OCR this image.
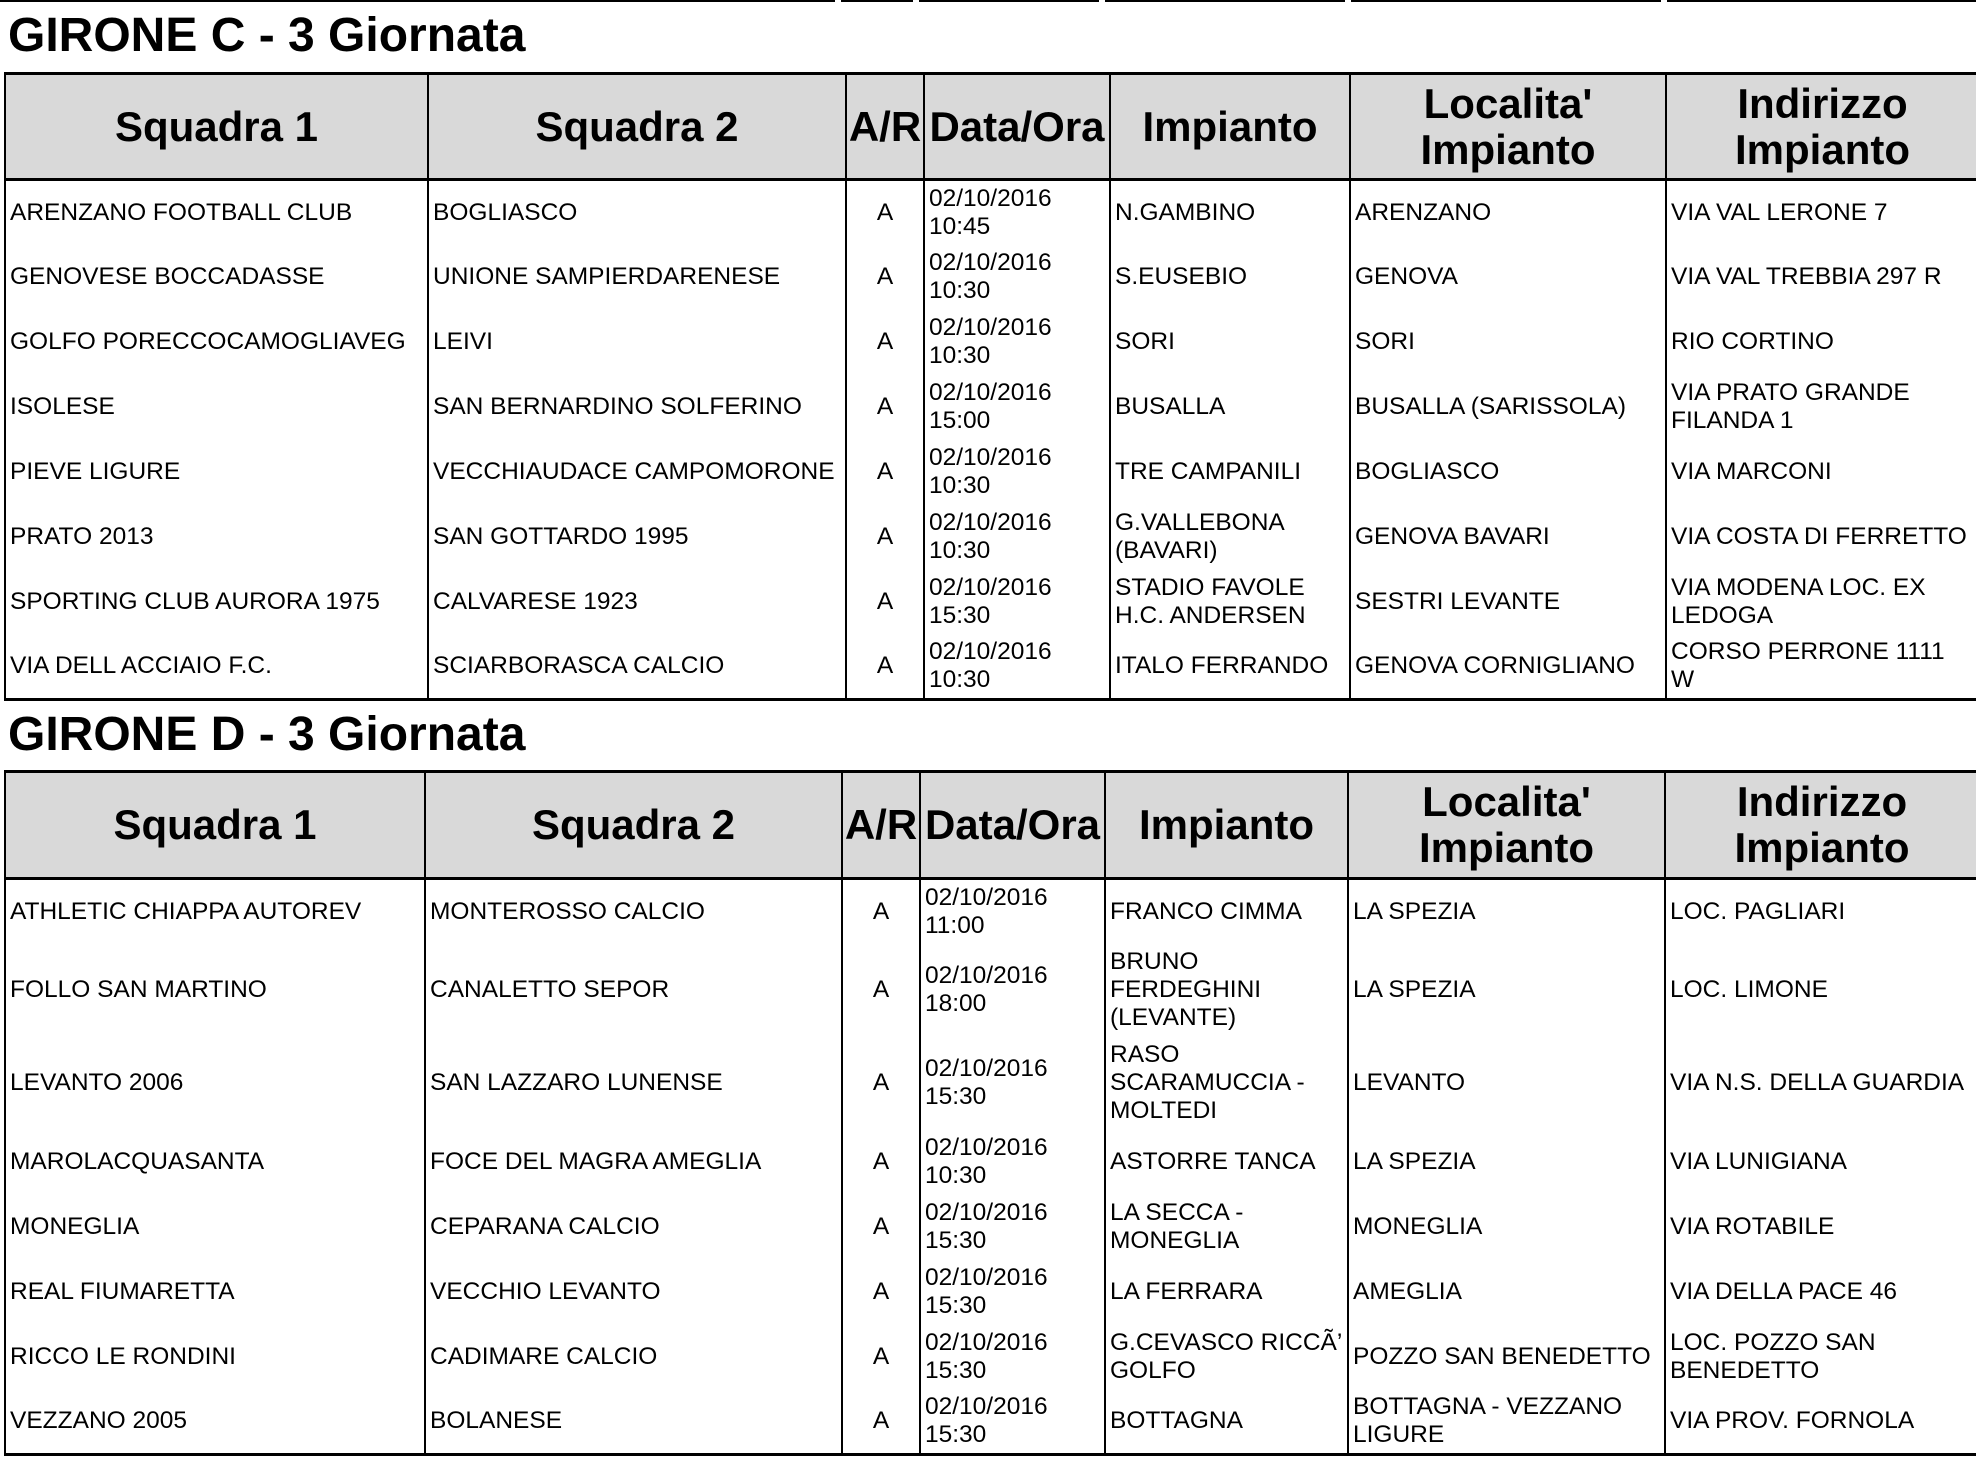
GIRONE C - 3 Giornata
Squadra 1	Squadra 2	A/R	Data/Ora	Impianto	Localita' Impianto	Indirizzo Impianto
ARENZANO FOOTBALL CLUB	BOGLIASCO	A	02/10/2016 10:45	N.GAMBINO	ARENZANO	VIA VAL LERONE 7
GENOVESE BOCCADASSE	UNIONE SAMPIERDARENESE	A	02/10/2016 10:30	S.EUSEBIO	GENOVA	VIA VAL TREBBIA 297 R
GOLFO PORECCOCAMOGLIAVEG	LEIVI	A	02/10/2016 10:30	SORI	SORI	RIO CORTINO
ISOLESE	SAN BERNARDINO SOLFERINO	A	02/10/2016 15:00	BUSALLA	BUSALLA (SARISSOLA)	VIA PRATO GRANDE FILANDA 1
PIEVE LIGURE	VECCHIAUDACE CAMPOMORONE	A	02/10/2016 10:30	TRE CAMPANILI	BOGLIASCO	VIA MARCONI
PRATO 2013	SAN GOTTARDO 1995	A	02/10/2016 10:30	G.VALLEBONA (BAVARI)	GENOVA BAVARI	VIA COSTA DI FERRETTO
SPORTING CLUB AURORA 1975	CALVARESE 1923	A	02/10/2016 15:30	STADIO FAVOLE H.C. ANDERSEN	SESTRI LEVANTE	VIA MODENA LOC. EX LEDOGA
VIA DELL ACCIAIO F.C.	SCIARBORASCA CALCIO	A	02/10/2016 10:30	ITALO FERRANDO	GENOVA CORNIGLIANO	CORSO PERRONE 1111 W
GIRONE D - 3 Giornata
Squadra 1	Squadra 2	A/R	Data/Ora	Impianto	Localita' Impianto	Indirizzo Impianto
ATHLETIC CHIAPPA AUTOREV	MONTEROSSO CALCIO	A	02/10/2016 11:00	FRANCO CIMMA	LA SPEZIA	LOC. PAGLIARI
FOLLO SAN MARTINO	CANALETTO SEPOR	A	02/10/2016 18:00	BRUNO FERDEGHINI (LEVANTE)	LA SPEZIA	LOC. LIMONE
LEVANTO 2006	SAN LAZZARO LUNENSE	A	02/10/2016 15:30	RASO SCARAMUCCIA - MOLTEDI	LEVANTO	VIA N.S. DELLA GUARDIA
MAROLACQUASANTA	FOCE DEL MAGRA AMEGLIA	A	02/10/2016 10:30	ASTORRE TANCA	LA SPEZIA	VIA LUNIGIANA
MONEGLIA	CEPARANA CALCIO	A	02/10/2016 15:30	LA SECCA - MONEGLIA	MONEGLIA	VIA ROTABILE
REAL FIUMARETTA	VECCHIO LEVANTO	A	02/10/2016 15:30	LA FERRARA	AMEGLIA	VIA DELLA PACE 46
RICCO LE RONDINI	CADIMARE CALCIO	A	02/10/2016 15:30	G.CEVASCO RICCÃ’ GOLFO	POZZO SAN BENEDETTO	LOC. POZZO SAN BENEDETTO
VEZZANO 2005	BOLANESE	A	02/10/2016 15:30	BOTTAGNA	BOTTAGNA - VEZZANO LIGURE	VIA PROV. FORNOLA
